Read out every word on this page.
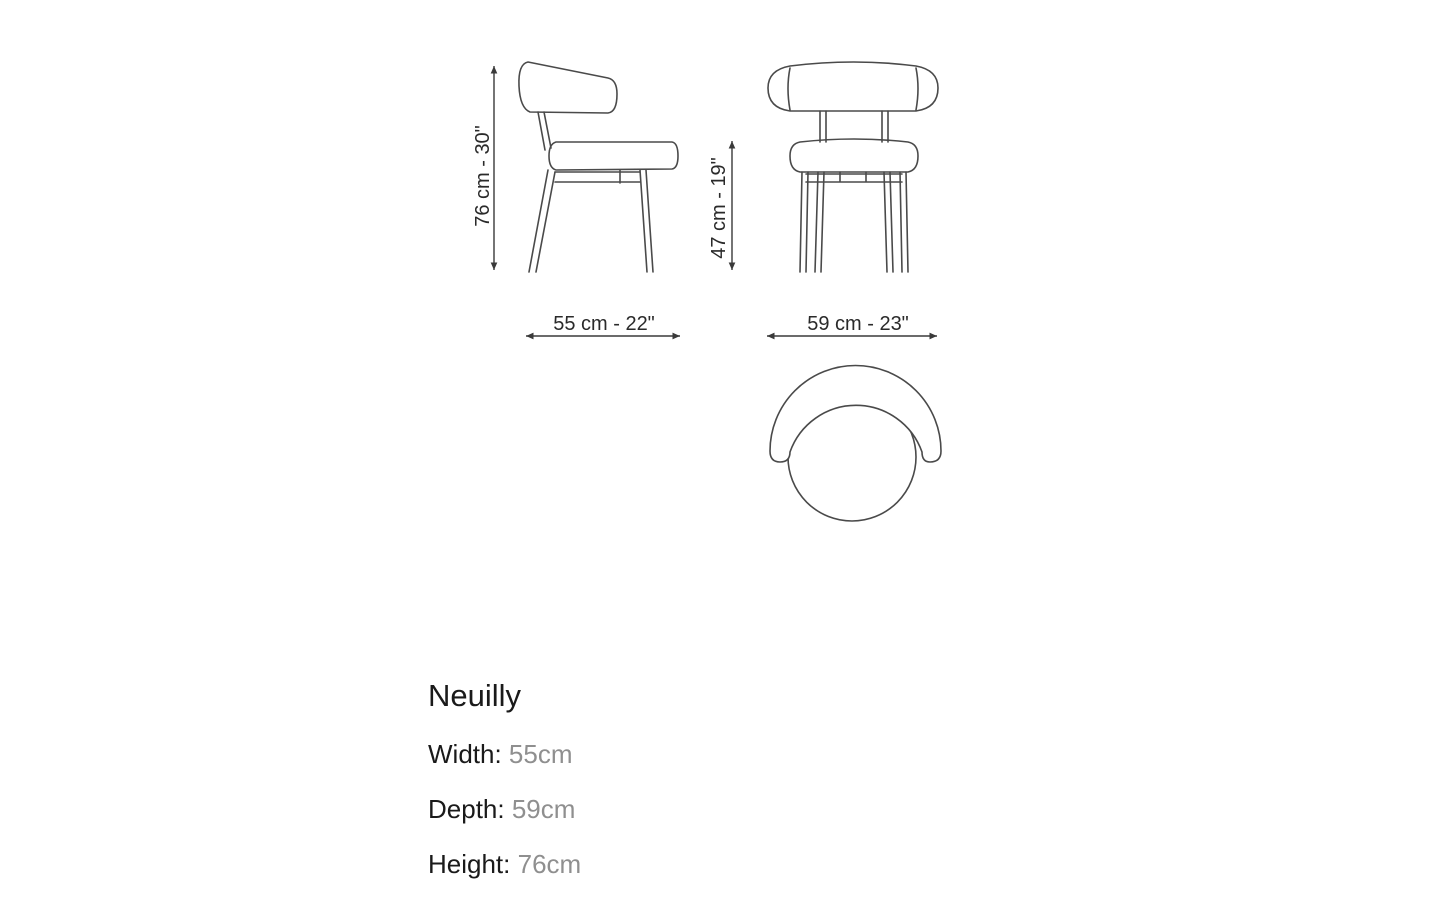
76 cm - 30"
55 cm - 22"
47 cm - 19"
59 cm - 23"
Neuilly
Width: 55cm
Depth: 59cm
Height: 76cm
